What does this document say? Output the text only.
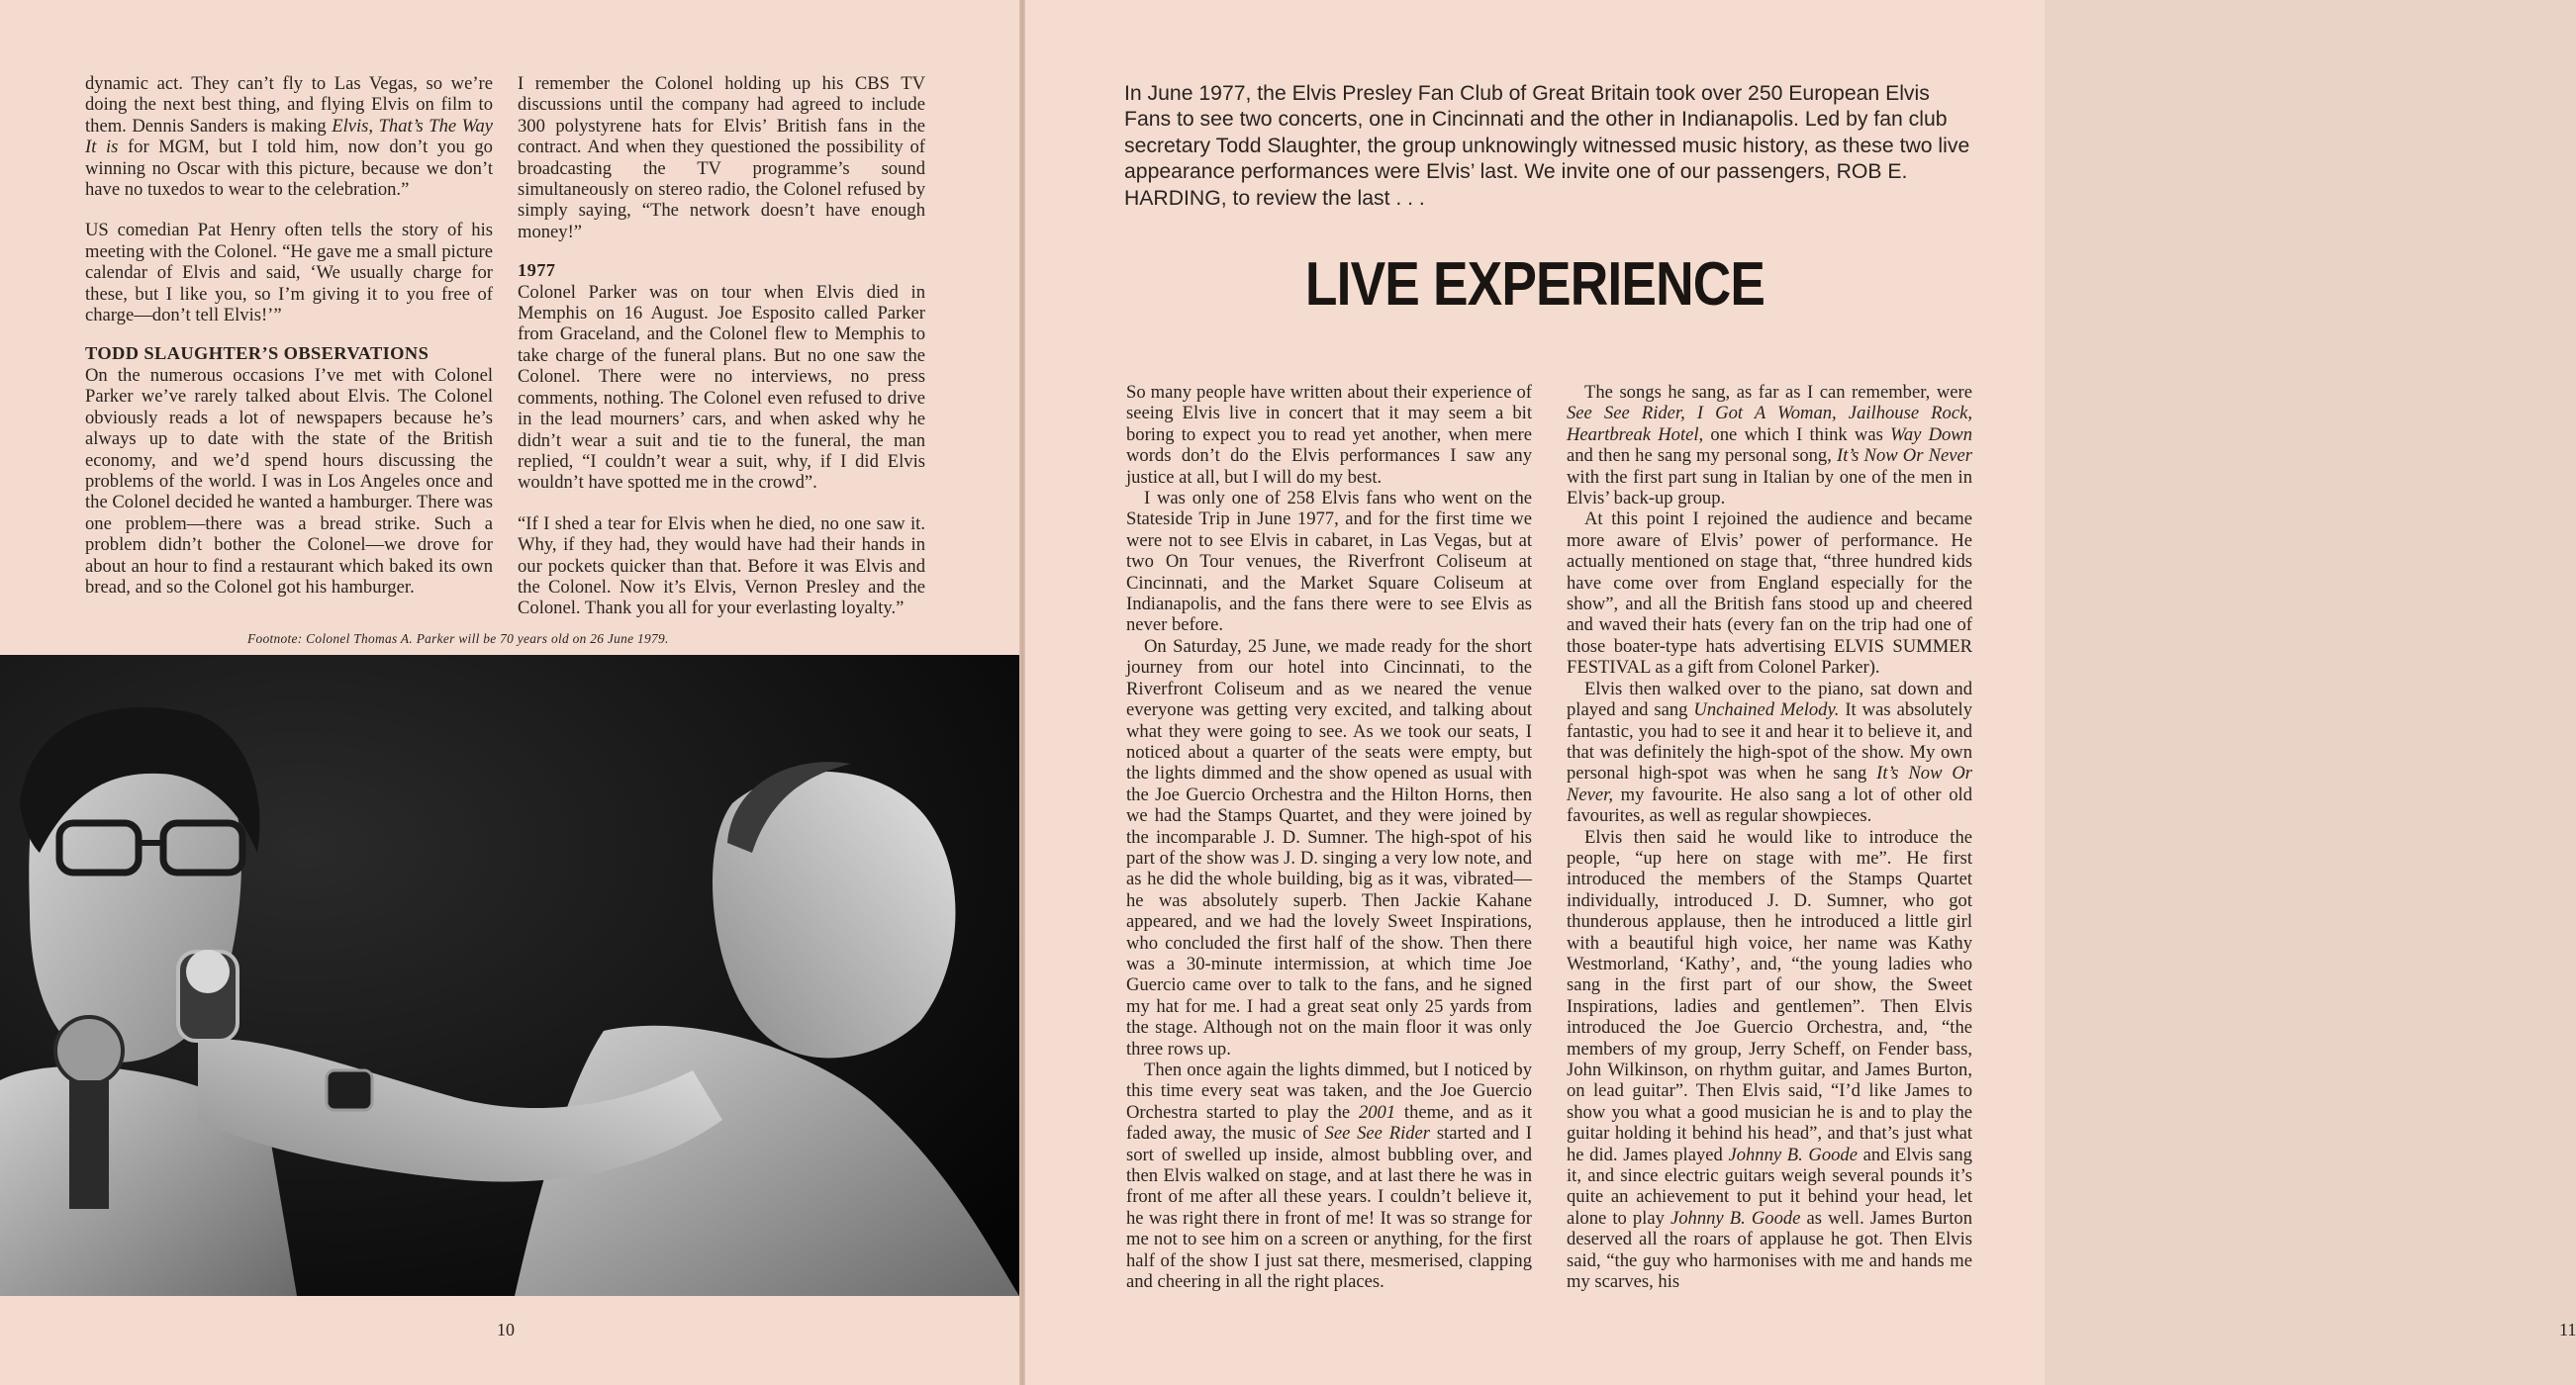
dynamic act. They can’t fly to Las Vegas, so we’re doing the next best thing, and flying Elvis on film to them. Dennis Sanders is making Elvis, That’s The Way It is for MGM, but I told him, now don’t you go winning no Oscar with this picture, because we don’t have no tuxedos to wear to the celebration.”

US comedian Pat Henry often tells the story of his meeting with the Colonel. “He gave me a small picture calendar of Elvis and said, ‘We usually charge for these, but I like you, so I’m giving it to you free of charge—don’t tell Elvis!’”

TODD SLAUGHTER’S OBSERVATIONS

On the numerous occasions I’ve met with Colonel Parker we’ve rarely talked about Elvis. The Colonel obviously reads a lot of newspapers because he’s always up to date with the state of the British economy, and we’d spend hours discussing the problems of the world. I was in Los Angeles once and the Colonel decided he wanted a hamburger. There was one problem—there was a bread strike. Such a problem didn’t bother the Colonel—we drove for about an hour to find a restaurant which baked its own bread, and so the Colonel got his hamburger.

I remember the Colonel holding up his CBS TV discussions until the company had agreed to include 300 polystyrene hats for Elvis’ British fans in the contract. And when they questioned the possibility of broadcasting the TV programme’s sound simultaneously on stereo radio, the Colonel refused by simply saying, “The network doesn’t have enough money!”

1977

Colonel Parker was on tour when Elvis died in Memphis on 16 August. Joe Esposito called Parker from Graceland, and the Colonel flew to Memphis to take charge of the funeral plans. But no one saw the Colonel. There were no interviews, no press comments, nothing. The Colonel even refused to drive in the lead mourners’ cars, and when asked why he didn’t wear a suit and tie to the funeral, the man replied, “I couldn’t wear a suit, why, if I did Elvis wouldn’t have spotted me in the crowd”.

“If I shed a tear for Elvis when he died, no one saw it. Why, if they had, they would have had their hands in our pockets quicker than that. Before it was Elvis and the Colonel. Now it’s Elvis, Vernon Presley and the Colonel. Thank you all for your everlasting loyalty.”

Footnote: Colonel Thomas A. Parker will be 70 years old on 26 June 1979.
10	11
In June 1977, the Elvis Presley Fan Club of Great Britain took over 250 European Elvis Fans to see two concerts, one in Cincinnati and the other in Indianapolis. Led by fan club secretary Todd Slaughter, the group unknowingly witnessed music history, as these two live appearance performances were Elvis’ last. We invite one of our passengers, ROB E. HARDING, to review the last . . .
LIVE EXPERIENCE

So many people have written about their experience of seeing Elvis live in concert that it may seem a bit boring to expect you to read yet another, when mere words don’t do the Elvis performances I saw any justice at all, but I will do my best.

I was only one of 258 Elvis fans who went on the Stateside Trip in June 1977, and for the first time we were not to see Elvis in cabaret, in Las Vegas, but at two On Tour venues, the Riverfront Coliseum at Cincinnati, and the Market Square Coliseum at Indianapolis, and the fans there were to see Elvis as never before.

On Saturday, 25 June, we made ready for the short journey from our hotel into Cincinnati, to the Riverfront Coliseum and as we neared the venue everyone was getting very excited, and talking about what they were going to see. As we took our seats, I noticed about a quarter of the seats were empty, but the lights dimmed and the show opened as usual with the Joe Guercio Orchestra and the Hilton Horns, then we had the Stamps Quartet, and they were joined by the incomparable J. D. Sumner. The high-spot of his part of the show was J. D. singing a very low note, and as he did the whole building, big as it was, vibrated—he was absolutely superb. Then Jackie Kahane appeared, and we had the lovely Sweet Inspirations, who concluded the first half of the show. Then there was a 30-minute intermission, at which time Joe Guercio came over to talk to the fans, and he signed my hat for me. I had a great seat only 25 yards from the stage. Although not on the main floor it was only three rows up.

Then once again the lights dimmed, but I noticed by this time every seat was taken, and the Joe Guercio Orchestra started to play the 2001 theme, and as it faded away, the music of See See Rider started and I sort of swelled up inside, almost bubbling over, and then Elvis walked on stage, and at last there he was in front of me after all these years. I couldn’t believe it, he was right there in front of me! It was so strange for me not to see him on a screen or anything, for the first half of the show I just sat there, mesmerised, clapping and cheering in all the right places.

The songs he sang, as far as I can remember, were See See Rider, I Got A Woman, Jailhouse Rock, Heartbreak Hotel, one which I think was Way Down and then he sang my personal song, It’s Now Or Never with the first part sung in Italian by one of the men in Elvis’ back-up group.

At this point I rejoined the audience and became more aware of Elvis’ power of performance. He actually mentioned on stage that, “three hundred kids have come over from England especially for the show”, and all the British fans stood up and cheered and waved their hats (every fan on the trip had one of those boater-type hats advertising ELVIS SUMMER FESTIVAL as a gift from Colonel Parker).

Elvis then walked over to the piano, sat down and played and sang Unchained Melody. It was absolutely fantastic, you had to see it and hear it to believe it, and that was definitely the high-spot of the show. My own personal high-spot was when he sang It’s Now Or Never, my favourite. He also sang a lot of other old favourites, as well as regular showpieces.

Elvis then said he would like to introduce the people, “up here on stage with me”. He first introduced the members of the Stamps Quartet individually, introduced J. D. Sumner, who got thunderous applause, then he introduced a little girl with a beautiful high voice, her name was Kathy Westmorland, ‘Kathy’, and, “the young ladies who sang in the first part of our show, the Sweet Inspirations, ladies and gentlemen”. Then Elvis introduced the Joe Guercio Orchestra, and, “the members of my group, Jerry Scheff, on Fender bass, John Wilkinson, on rhythm guitar, and James Burton, on lead guitar”. Then Elvis said, “I’d like James to show you what a good musician he is and to play the guitar holding it behind his head”, and that’s just what he did. James played Johnny B. Goode and Elvis sang it, and since electric guitars weigh several pounds it’s quite an achievement to put it behind your head, let alone to play Johnny B. Goode as well. James Burton deserved all the roars of applause he got. Then Elvis said, “the guy who harmonises with me and hands me my scarves, his
